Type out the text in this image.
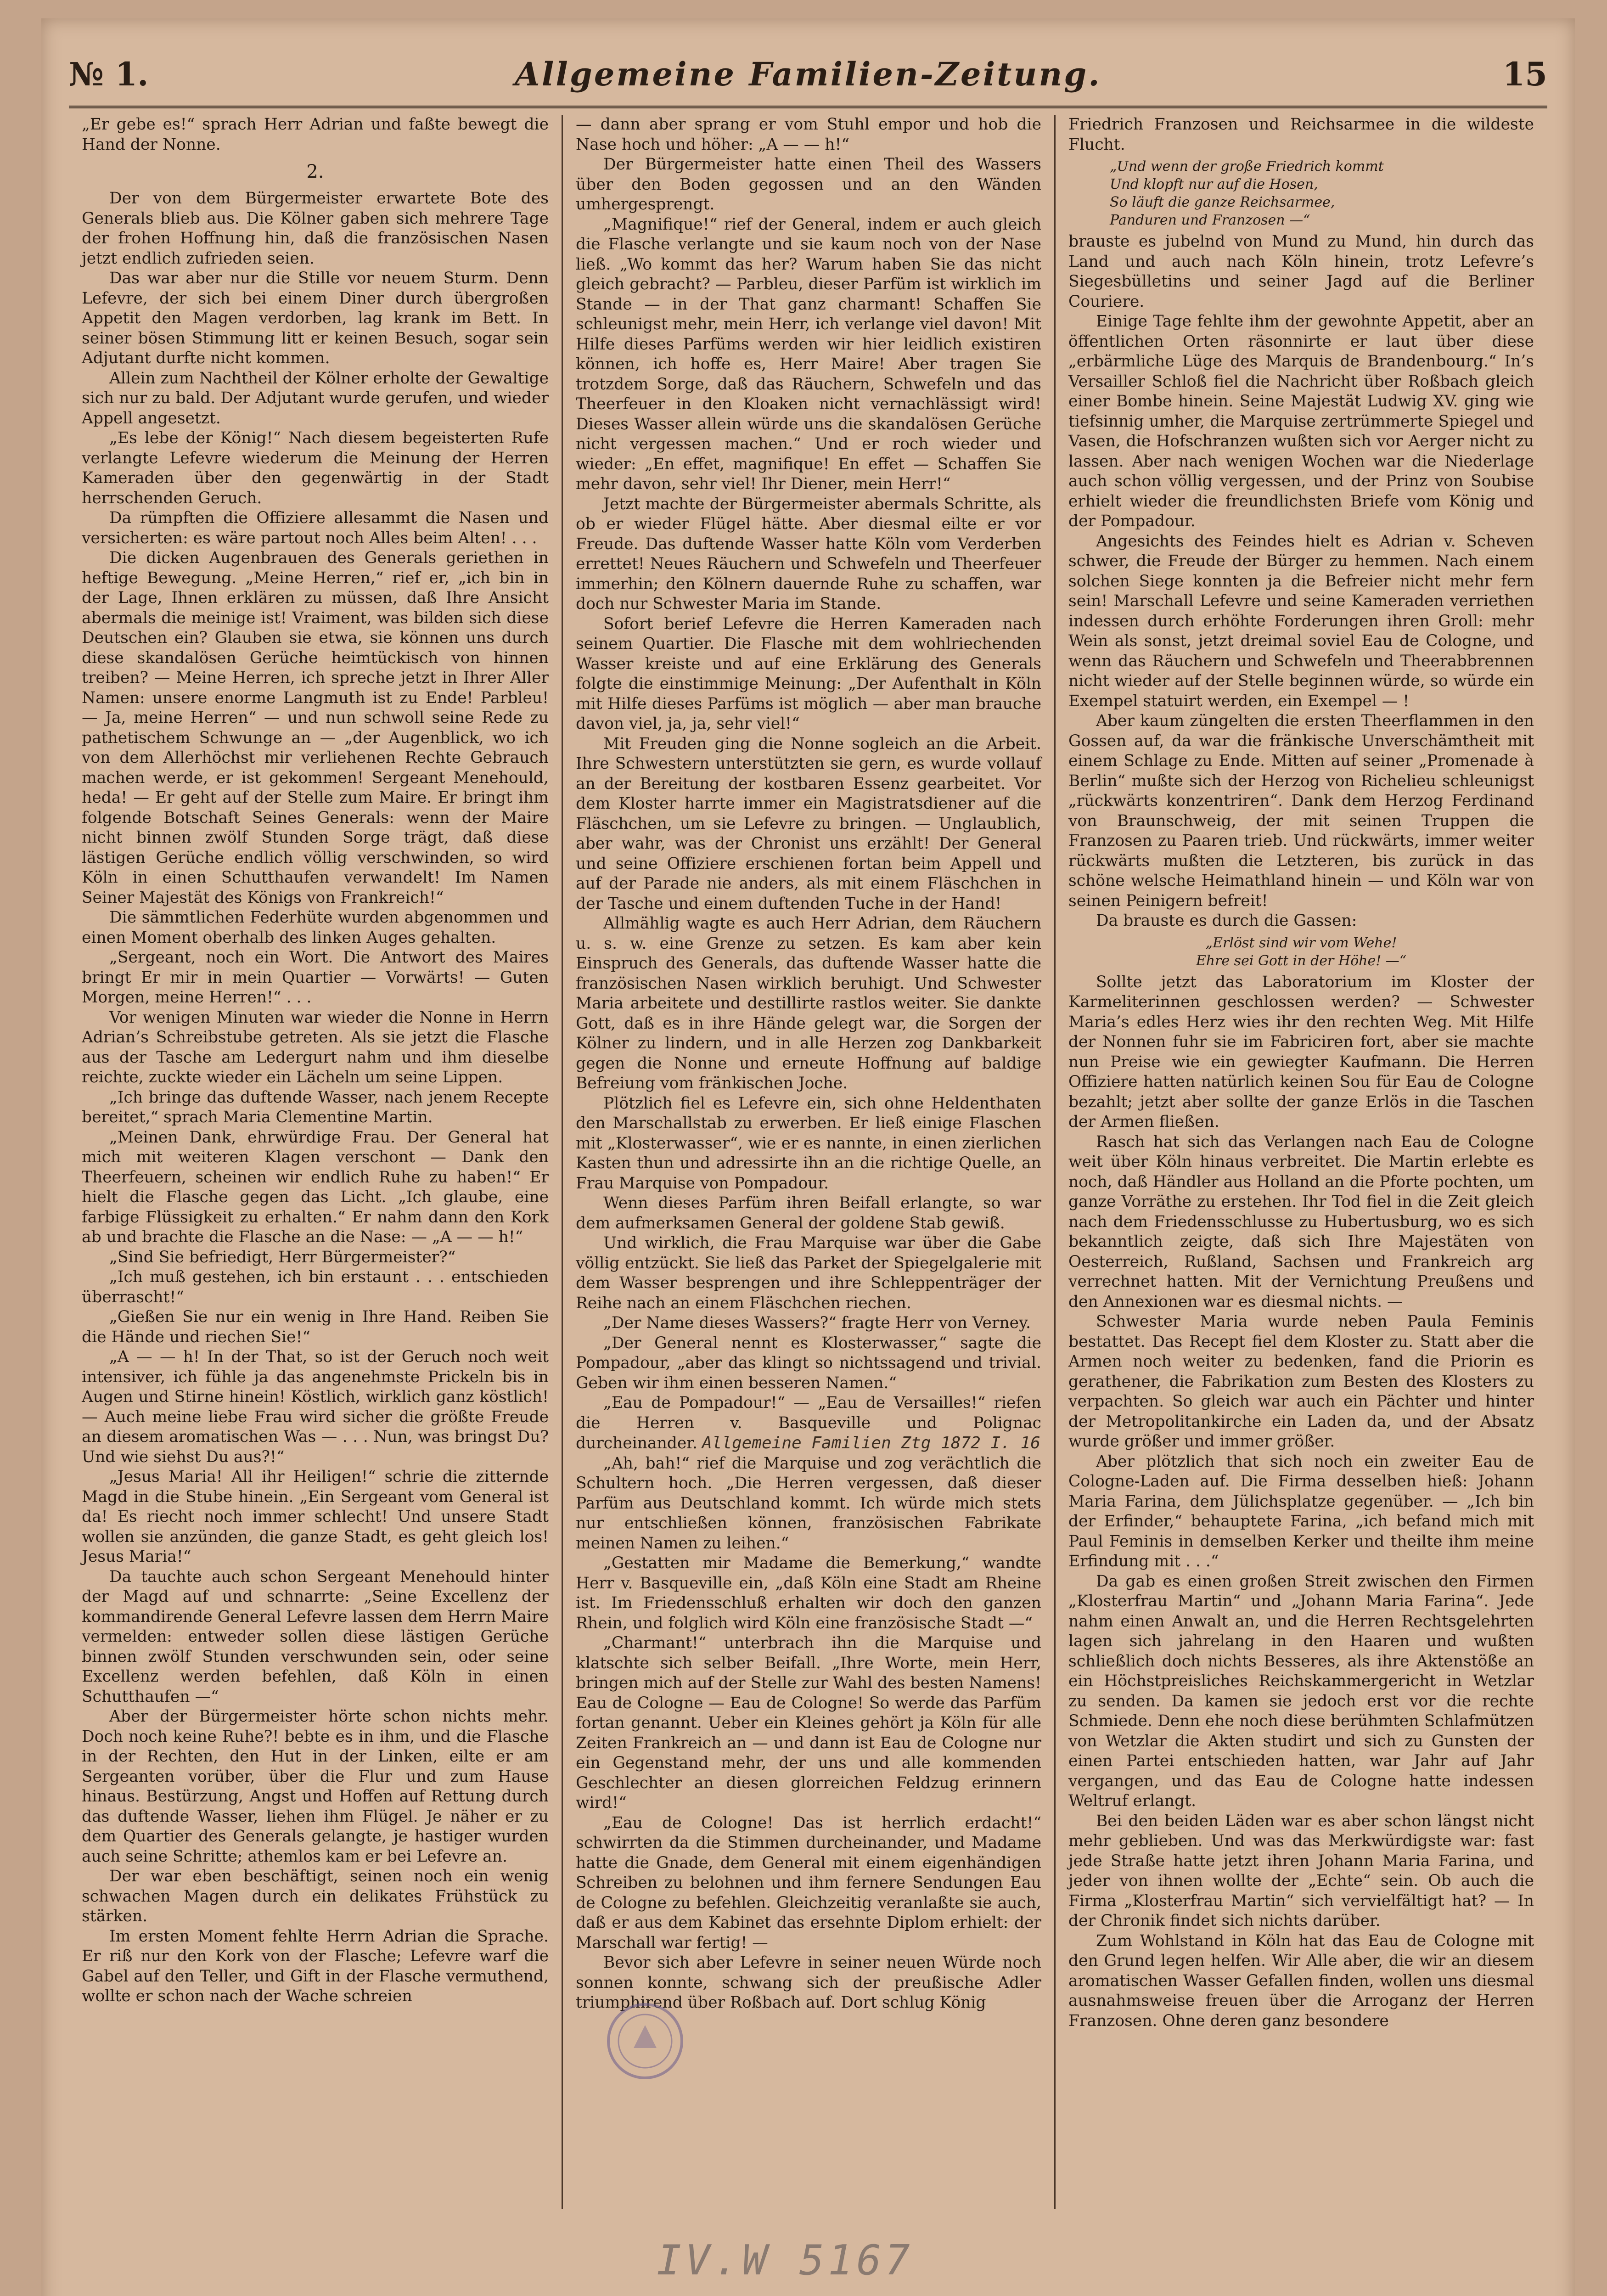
№ 1.	Allgemeine Familien-Zeitung.	15

„Er gebe es!“ sprach Herr Adrian und faßte bewegt die Hand der Nonne.

2.

Der von dem Bürgermeister erwartete Bote des Generals blieb aus. Die Kölner gaben sich mehrere Tage der frohen Hoffnung hin, daß die französischen Nasen jetzt endlich zufrieden seien.

Das war aber nur die Stille vor neuem Sturm. Denn Lefevre, der sich bei einem Diner durch übergroßen Appetit den Magen verdorben, lag krank im Bett. In seiner bösen Stimmung litt er keinen Besuch, sogar sein Adjutant durfte nicht kommen.

Allein zum Nachtheil der Kölner erholte der Gewaltige sich nur zu bald. Der Adjutant wurde gerufen, und wieder Appell angesetzt.

„Es lebe der König!“ Nach diesem begeisterten Rufe verlangte Lefevre wiederum die Meinung der Herren Kameraden über den gegenwärtig in der Stadt herrschenden Geruch.

Da rümpften die Offiziere allesammt die Nasen und versicherten: es wäre partout noch Alles beim Alten! . . .

Die dicken Augenbrauen des Generals geriethen in heftige Bewegung. „Meine Herren,“ rief er, „ich bin in der Lage, Ihnen erklären zu müssen, daß Ihre Ansicht abermals die meinige ist! Vraiment, was bilden sich diese Deutschen ein? Glauben sie etwa, sie können uns durch diese skandalösen Gerüche heimtückisch von hinnen treiben? — Meine Herren, ich spreche jetzt in Ihrer Aller Namen: unsere enorme Langmuth ist zu Ende! Parbleu! — Ja, meine Herren“ — und nun schwoll seine Rede zu pathetischem Schwunge an — „der Augenblick, wo ich von dem Allerhöchst mir verliehenen Rechte Gebrauch machen werde, er ist gekommen! Sergeant Menehould, heda! — Er geht auf der Stelle zum Maire. Er bringt ihm folgende Botschaft Seines Generals: wenn der Maire nicht binnen zwölf Stunden Sorge trägt, daß diese lästigen Gerüche endlich völlig verschwinden, so wird Köln in einen Schutthaufen verwandelt! Im Namen Seiner Majestät des Königs von Frankreich!“

Die sämmtlichen Federhüte wurden abgenommen und einen Moment oberhalb des linken Auges gehalten.

„Sergeant, noch ein Wort. Die Antwort des Maires bringt Er mir in mein Quartier — Vorwärts! — Guten Morgen, meine Herren!“ . . .

Vor wenigen Minuten war wieder die Nonne in Herrn Adrian’s Schreibstube getreten. Als sie jetzt die Flasche aus der Tasche am Ledergurt nahm und ihm dieselbe reichte, zuckte wieder ein Lächeln um seine Lippen.

„Ich bringe das duftende Wasser, nach jenem Recepte bereitet,“ sprach Maria Clementine Martin.

„Meinen Dank, ehrwürdige Frau. Der General hat mich mit weiteren Klagen verschont — Dank den Theerfeuern, scheinen wir endlich Ruhe zu haben!“ Er hielt die Flasche gegen das Licht. „Ich glaube, eine farbige Flüssigkeit zu erhalten.“ Er nahm dann den Kork ab und brachte die Flasche an die Nase: — „A — — h!“

„Sind Sie befriedigt, Herr Bürgermeister?“

„Ich muß gestehen, ich bin erstaunt . . . entschieden überrascht!“

„Gießen Sie nur ein wenig in Ihre Hand. Reiben Sie die Hände und riechen Sie!“

„A — — h! In der That, so ist der Geruch noch weit intensiver, ich fühle ja das angenehmste Prickeln bis in Augen und Stirne hinein! Köstlich, wirklich ganz köstlich! — Auch meine liebe Frau wird sicher die größte Freude an diesem aromatischen Was — . . . Nun, was bringst Du? Und wie siehst Du aus?!“

„Jesus Maria! All ihr Heiligen!“ schrie die zitternde Magd in die Stube hinein. „Ein Sergeant vom General ist da! Es riecht noch immer schlecht! Und unsere Stadt wollen sie anzünden, die ganze Stadt, es geht gleich los! Jesus Maria!“

Da tauchte auch schon Sergeant Menehould hinter der Magd auf und schnarrte: „Seine Excellenz der kommandirende General Lefevre lassen dem Herrn Maire vermelden: entweder sollen diese lästigen Gerüche binnen zwölf Stunden verschwunden sein, oder seine Excellenz werden befehlen, daß Köln in einen Schutthaufen —“

Aber der Bürgermeister hörte schon nichts mehr. Doch noch keine Ruhe?! bebte es in ihm, und die Flasche in der Rechten, den Hut in der Linken, eilte er am Sergeanten vorüber, über die Flur und zum Hause hinaus. Bestürzung, Angst und Hoffen auf Rettung durch das duftende Wasser, liehen ihm Flügel. Je näher er zu dem Quartier des Generals gelangte, je hastiger wurden auch seine Schritte; athemlos kam er bei Lefevre an.

Der war eben beschäftigt, seinen noch ein wenig schwachen Magen durch ein delikates Frühstück zu stärken.

Im ersten Moment fehlte Herrn Adrian die Sprache. Er riß nur den Kork von der Flasche; Lefevre warf die Gabel auf den Teller, und Gift in der Flasche vermuthend, wollte er schon nach der Wache schreien

— dann aber sprang er vom Stuhl empor und hob die Nase hoch und höher: „A — — h!“

Der Bürgermeister hatte einen Theil des Wassers über den Boden gegossen und an den Wänden umhergesprengt.

„Magnifique!“ rief der General, indem er auch gleich die Flasche verlangte und sie kaum noch von der Nase ließ. „Wo kommt das her? Warum haben Sie das nicht gleich gebracht? — Parbleu, dieser Parfüm ist wirklich im Stande — in der That ganz charmant! Schaffen Sie schleunigst mehr, mein Herr, ich verlange viel davon! Mit Hilfe dieses Parfüms werden wir hier leidlich existiren können, ich hoffe es, Herr Maire! Aber tragen Sie trotzdem Sorge, daß das Räuchern, Schwefeln und das Theerfeuer in den Kloaken nicht vernachlässigt wird! Dieses Wasser allein würde uns die skandalösen Gerüche nicht vergessen machen.“ Und er roch wieder und wieder: „En effet, magnifique! En effet — Schaffen Sie mehr davon, sehr viel! Ihr Diener, mein Herr!“

Jetzt machte der Bürgermeister abermals Schritte, als ob er wieder Flügel hätte. Aber diesmal eilte er vor Freude. Das duftende Wasser hatte Köln vom Verderben errettet! Neues Räuchern und Schwefeln und Theerfeuer immerhin; den Kölnern dauernde Ruhe zu schaffen, war doch nur Schwester Maria im Stande.

Sofort berief Lefevre die Herren Kameraden nach seinem Quartier. Die Flasche mit dem wohlriechenden Wasser kreiste und auf eine Erklärung des Generals folgte die einstimmige Meinung: „Der Aufenthalt in Köln mit Hilfe dieses Parfüms ist möglich — aber man brauche davon viel, ja, ja, sehr viel!“

Mit Freuden ging die Nonne sogleich an die Arbeit. Ihre Schwestern unterstützten sie gern, es wurde vollauf an der Bereitung der kostbaren Essenz gearbeitet. Vor dem Kloster harrte immer ein Magistratsdiener auf die Fläschchen, um sie Lefevre zu bringen. — Unglaublich, aber wahr, was der Chronist uns erzählt! Der General und seine Offiziere erschienen fortan beim Appell und auf der Parade nie anders, als mit einem Fläschchen in der Tasche und einem duftenden Tuche in der Hand!

Allmählig wagte es auch Herr Adrian, dem Räuchern u. s. w. eine Grenze zu setzen. Es kam aber kein Einspruch des Generals, das duftende Wasser hatte die französischen Nasen wirklich beruhigt. Und Schwester Maria arbeitete und destillirte rastlos weiter. Sie dankte Gott, daß es in ihre Hände gelegt war, die Sorgen der Kölner zu lindern, und in alle Herzen zog Dankbarkeit gegen die Nonne und erneute Hoffnung auf baldige Befreiung vom fränkischen Joche.

Plötzlich fiel es Lefevre ein, sich ohne Heldenthaten den Marschallstab zu erwerben. Er ließ einige Flaschen mit „Klosterwasser“, wie er es nannte, in einen zierlichen Kasten thun und adressirte ihn an die richtige Quelle, an Frau Marquise von Pompadour.

Wenn dieses Parfüm ihren Beifall erlangte, so war dem aufmerksamen General der goldene Stab gewiß.

Und wirklich, die Frau Marquise war über die Gabe völlig entzückt. Sie ließ das Parket der Spiegelgalerie mit dem Wasser besprengen und ihre Schleppenträger der Reihe nach an einem Fläschchen riechen.

„Der Name dieses Wassers?“ fragte Herr von Verney.

„Der General nennt es Klosterwasser,“ sagte die Pompadour, „aber das klingt so nichtssagend und trivial. Geben wir ihm einen besseren Namen.“

„Eau de Pompadour!“ — „Eau de Versailles!“ riefen die Herren v. Basqueville und Polignac durcheinander. Allgemeine Familien Ztg 1872 I. 16

„Ah, bah!“ rief die Marquise und zog verächtlich die Schultern hoch. „Die Herren vergessen, daß dieser Parfüm aus Deutschland kommt. Ich würde mich stets nur entschließen können, französischen Fabrikate meinen Namen zu leihen.“

„Gestatten mir Madame die Bemerkung,“ wandte Herr v. Basqueville ein, „daß Köln eine Stadt am Rheine ist. Im Friedensschluß erhalten wir doch den ganzen Rhein, und folglich wird Köln eine französische Stadt —“

„Charmant!“ unterbrach ihn die Marquise und klatschte sich selber Beifall. „Ihre Worte, mein Herr, bringen mich auf der Stelle zur Wahl des besten Namens! Eau de Cologne — Eau de Cologne! So werde das Parfüm fortan genannt. Ueber ein Kleines gehört ja Köln für alle Zeiten Frankreich an — und dann ist Eau de Cologne nur ein Gegenstand mehr, der uns und alle kommenden Geschlechter an diesen glorreichen Feldzug erinnern wird!“

„Eau de Cologne! Das ist herrlich erdacht!“ schwirrten da die Stimmen durcheinander, und Madame hatte die Gnade, dem General mit einem eigenhändigen Schreiben zu belohnen und ihm fernere Sendungen Eau de Cologne zu befehlen. Gleichzeitig veranlaßte sie auch, daß er aus dem Kabinet das ersehnte Diplom erhielt: der Marschall war fertig! —

Bevor sich aber Lefevre in seiner neuen Würde noch sonnen konnte, schwang sich der preußische Adler triumphirend über Roßbach auf. Dort schlug König

Friedrich Franzosen und Reichsarmee in die wildeste Flucht.

„Und wenn der große Friedrich kommt
Und klopft nur auf die Hosen,
So läuft die ganze Reichsarmee,
Panduren und Franzosen —“

brauste es jubelnd von Mund zu Mund, hin durch das Land und auch nach Köln hinein, trotz Lefevre’s Siegesbülletins und seiner Jagd auf die Berliner Couriere.

Einige Tage fehlte ihm der gewohnte Appetit, aber an öffentlichen Orten räsonnirte er laut über diese „erbärmliche Lüge des Marquis de Brandenbourg.“ In’s Versailler Schloß fiel die Nachricht über Roßbach gleich einer Bombe hinein. Seine Majestät Ludwig XV. ging wie tiefsinnig umher, die Marquise zertrümmerte Spiegel und Vasen, die Hofschranzen wußten sich vor Aerger nicht zu lassen. Aber nach wenigen Wochen war die Niederlage auch schon völlig vergessen, und der Prinz von Soubise erhielt wieder die freundlichsten Briefe vom König und der Pompadour.

Angesichts des Feindes hielt es Adrian v. Scheven schwer, die Freude der Bürger zu hemmen. Nach einem solchen Siege konnten ja die Befreier nicht mehr fern sein! Marschall Lefevre und seine Kameraden verriethen indessen durch erhöhte Forderungen ihren Groll: mehr Wein als sonst, jetzt dreimal soviel Eau de Cologne, und wenn das Räuchern und Schwefeln und Theerabbrennen nicht wieder auf der Stelle beginnen würde, so würde ein Exempel statuirt werden, ein Exempel — !

Aber kaum züngelten die ersten Theerflammen in den Gossen auf, da war die fränkische Unverschämtheit mit einem Schlage zu Ende. Mitten auf seiner „Promenade à Berlin“ mußte sich der Herzog von Richelieu schleunigst „rückwärts konzentriren“. Dank dem Herzog Ferdinand von Braunschweig, der mit seinen Truppen die Franzosen zu Paaren trieb. Und rückwärts, immer weiter rückwärts mußten die Letzteren, bis zurück in das schöne welsche Heimathland hinein — und Köln war von seinen Peinigern befreit!

Da brauste es durch die Gassen:

„Erlöst sind wir vom Wehe!
Ehre sei Gott in der Höhe! —“

Sollte jetzt das Laboratorium im Kloster der Karmeliterinnen geschlossen werden? — Schwester Maria’s edles Herz wies ihr den rechten Weg. Mit Hilfe der Nonnen fuhr sie im Fabriciren fort, aber sie machte nun Preise wie ein gewiegter Kaufmann. Die Herren Offiziere hatten natürlich keinen Sou für Eau de Cologne bezahlt; jetzt aber sollte der ganze Erlös in die Taschen der Armen fließen.

Rasch hat sich das Verlangen nach Eau de Cologne weit über Köln hinaus verbreitet. Die Martin erlebte es noch, daß Händler aus Holland an die Pforte pochten, um ganze Vorräthe zu erstehen. Ihr Tod fiel in die Zeit gleich nach dem Friedensschlusse zu Hubertusburg, wo es sich bekanntlich zeigte, daß sich Ihre Majestäten von Oesterreich, Rußland, Sachsen und Frankreich arg verrechnet hatten. Mit der Vernichtung Preußens und den Annexionen war es diesmal nichts. —

Schwester Maria wurde neben Paula Feminis bestattet. Das Recept fiel dem Kloster zu. Statt aber die Armen noch weiter zu bedenken, fand die Priorin es gerathener, die Fabrikation zum Besten des Klosters zu verpachten. So gleich war auch ein Pächter und hinter der Metropolitankirche ein Laden da, und der Absatz wurde größer und immer größer.

Aber plötzlich that sich noch ein zweiter Eau de Cologne-Laden auf. Die Firma desselben hieß: Johann Maria Farina, dem Jülichsplatze gegenüber. — „Ich bin der Erfinder,“ behauptete Farina, „ich befand mich mit Paul Feminis in demselben Kerker und theilte ihm meine Erfindung mit . . .“

Da gab es einen großen Streit zwischen den Firmen „Klosterfrau Martin“ und „Johann Maria Farina“. Jede nahm einen Anwalt an, und die Herren Rechtsgelehrten lagen sich jahrelang in den Haaren und wußten schließlich doch nichts Besseres, als ihre Aktenstöße an ein Höchstpreisliches Reichskammergericht in Wetzlar zu senden. Da kamen sie jedoch erst vor die rechte Schmiede. Denn ehe noch diese berühmten Schlafmützen von Wetzlar die Akten studirt und sich zu Gunsten der einen Partei entschieden hatten, war Jahr auf Jahr vergangen, und das Eau de Cologne hatte indessen Weltruf erlangt.

Bei den beiden Läden war es aber schon längst nicht mehr geblieben. Und was das Merkwürdigste war: fast jede Straße hatte jetzt ihren Johann Maria Farina, und jeder von ihnen wollte der „Echte“ sein. Ob auch die Firma „Klosterfrau Martin“ sich vervielfältigt hat? — In der Chronik findet sich nichts darüber.

Zum Wohlstand in Köln hat das Eau de Cologne mit den Grund legen helfen. Wir Alle aber, die wir an diesem aromatischen Wasser Gefallen finden, wollen uns diesmal ausnahmsweise freuen über die Arroganz der Herren Franzosen. Ohne deren ganz besondere

IV.W 5167
